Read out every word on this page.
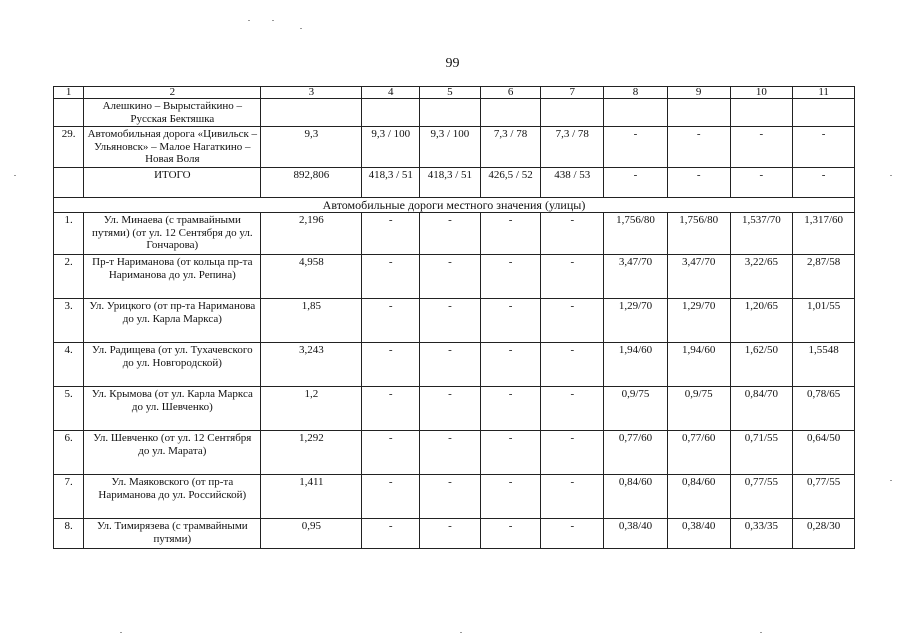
99
1	2	3	4	5	6	7	8	9	10	11
	Алешкино – Вырыстайкино – Русская Бектяшка									
29.	Автомобильная дорога «Цивильск – Ульяновск» – Малое Нагаткино – Новая Воля	9,3	9,3 / 100	9,3 / 100	7,3 / 78	7,3 / 78	-	-	-	-
	ИТОГО	892,806	418,3 / 51	418,3 / 51	426,5 / 52	438 / 53	-	-	-	-
Автомобильные дороги местного значения (улицы)										
1.	Ул. Минаева (с трамвайными путями) (от ул. 12 Сентября до ул. Гончарова)	2,196	-	-	-	-	1,756/80	1,756/80	1,537/70	1,317/60
2.	Пр-т Нариманова (от кольца пр-та Нариманова до ул. Репина)	4,958	-	-	-	-	3,47/70	3,47/70	3,22/65	2,87/58
3.	Ул. Урицкого (от пр-та Нариманова до ул. Карла Маркса)	1,85	-	-	-	-	1,29/70	1,29/70	1,20/65	1,01/55
4.	Ул. Радищева (от ул. Тухачевского до ул. Новгородской)	3,243	-	-	-	-	1,94/60	1,94/60	1,62/50	1,5548
5.	Ул. Крымова (от ул. Карла Маркса до ул. Шевченко)	1,2	-	-	-	-	0,9/75	0,9/75	0,84/70	0,78/65
6.	Ул. Шевченко (от ул. 12 Сентября до ул. Марата)	1,292	-	-	-	-	0,77/60	0,77/60	0,71/55	0,64/50
7.	Ул. Маяковского (от пр-та Нариманова до ул. Российской)	1,411	-	-	-	-	0,84/60	0,84/60	0,77/55	0,77/55
8.	Ул. Тимирязева (с трамвайными путями)	0,95	-	-	-	-	0,38/40	0,38/40	0,33/35	0,28/30
